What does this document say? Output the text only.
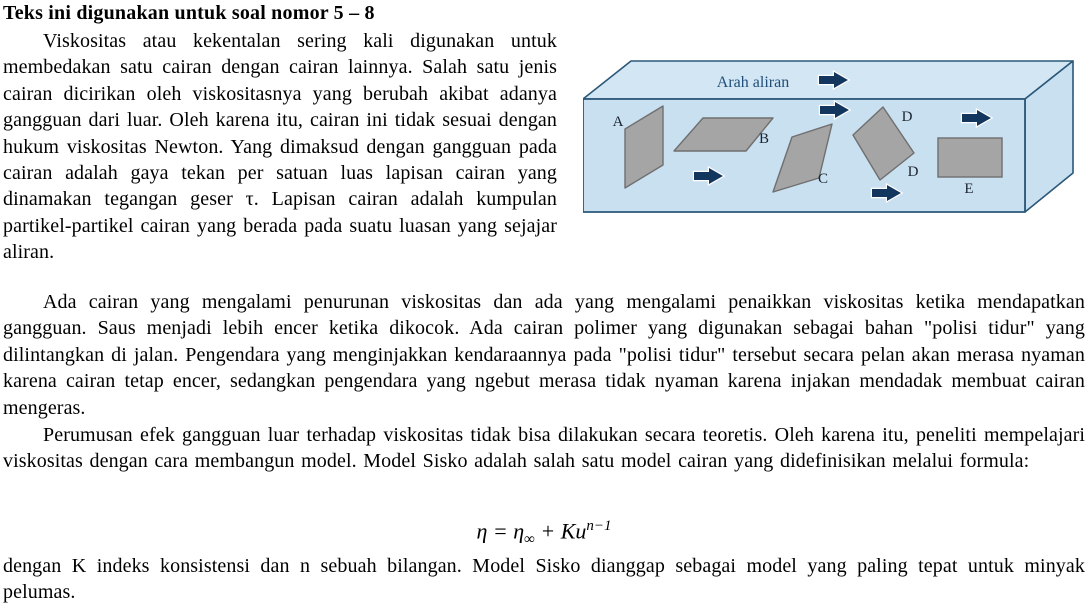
Teks ini digunakan untuk soal nomor 5 – 8

Viskositas atau kekentalan sering kali digunakan untuk membedakan satu cairan dengan cairan lainnya. Salah satu jenis cairan dicirikan oleh viskositasnya yang berubah akibat adanya gangguan dari luar. Oleh karena itu, cairan ini tidak sesuai dengan hukum viskositas Newton. Yang dimaksud dengan gangguan pada cairan adalah gaya tekan per satuan luas lapisan cairan yang dinamakan tegangan geser τ. Lapisan cairan adalah kumpulan partikel-partikel cairan yang berada pada suatu luasan yang sejajar aliran.

Arah aliran
A
B
C
D
D
E

Ada cairan yang mengalami penurunan viskositas dan ada yang mengalami penaikkan viskositas ketika mendapatkan gangguan. Saus menjadi lebih encer ketika dikocok. Ada cairan polimer yang digunakan sebagai bahan "polisi tidur" yang dilintangkan di jalan. Pengendara yang menginjakkan kendaraannya pada "polisi tidur" tersebut secara pelan akan merasa nyaman karena cairan tetap encer, sedangkan pengendara yang ngebut merasa tidak nyaman karena injakan mendadak membuat cairan mengeras.

Perumusan efek gangguan luar terhadap viskositas tidak bisa dilakukan secara teoretis. Oleh karena itu, peneliti mempelajari viskositas dengan cara membangun model. Model Sisko adalah salah satu model cairan yang didefinisikan melalui formula:

$\eta = \eta_\infty + Ku^{n-1}$

dengan K indeks konsistensi dan n sebuah bilangan. Model Sisko dianggap sebagai model yang paling tepat untuk minyak pelumas.
